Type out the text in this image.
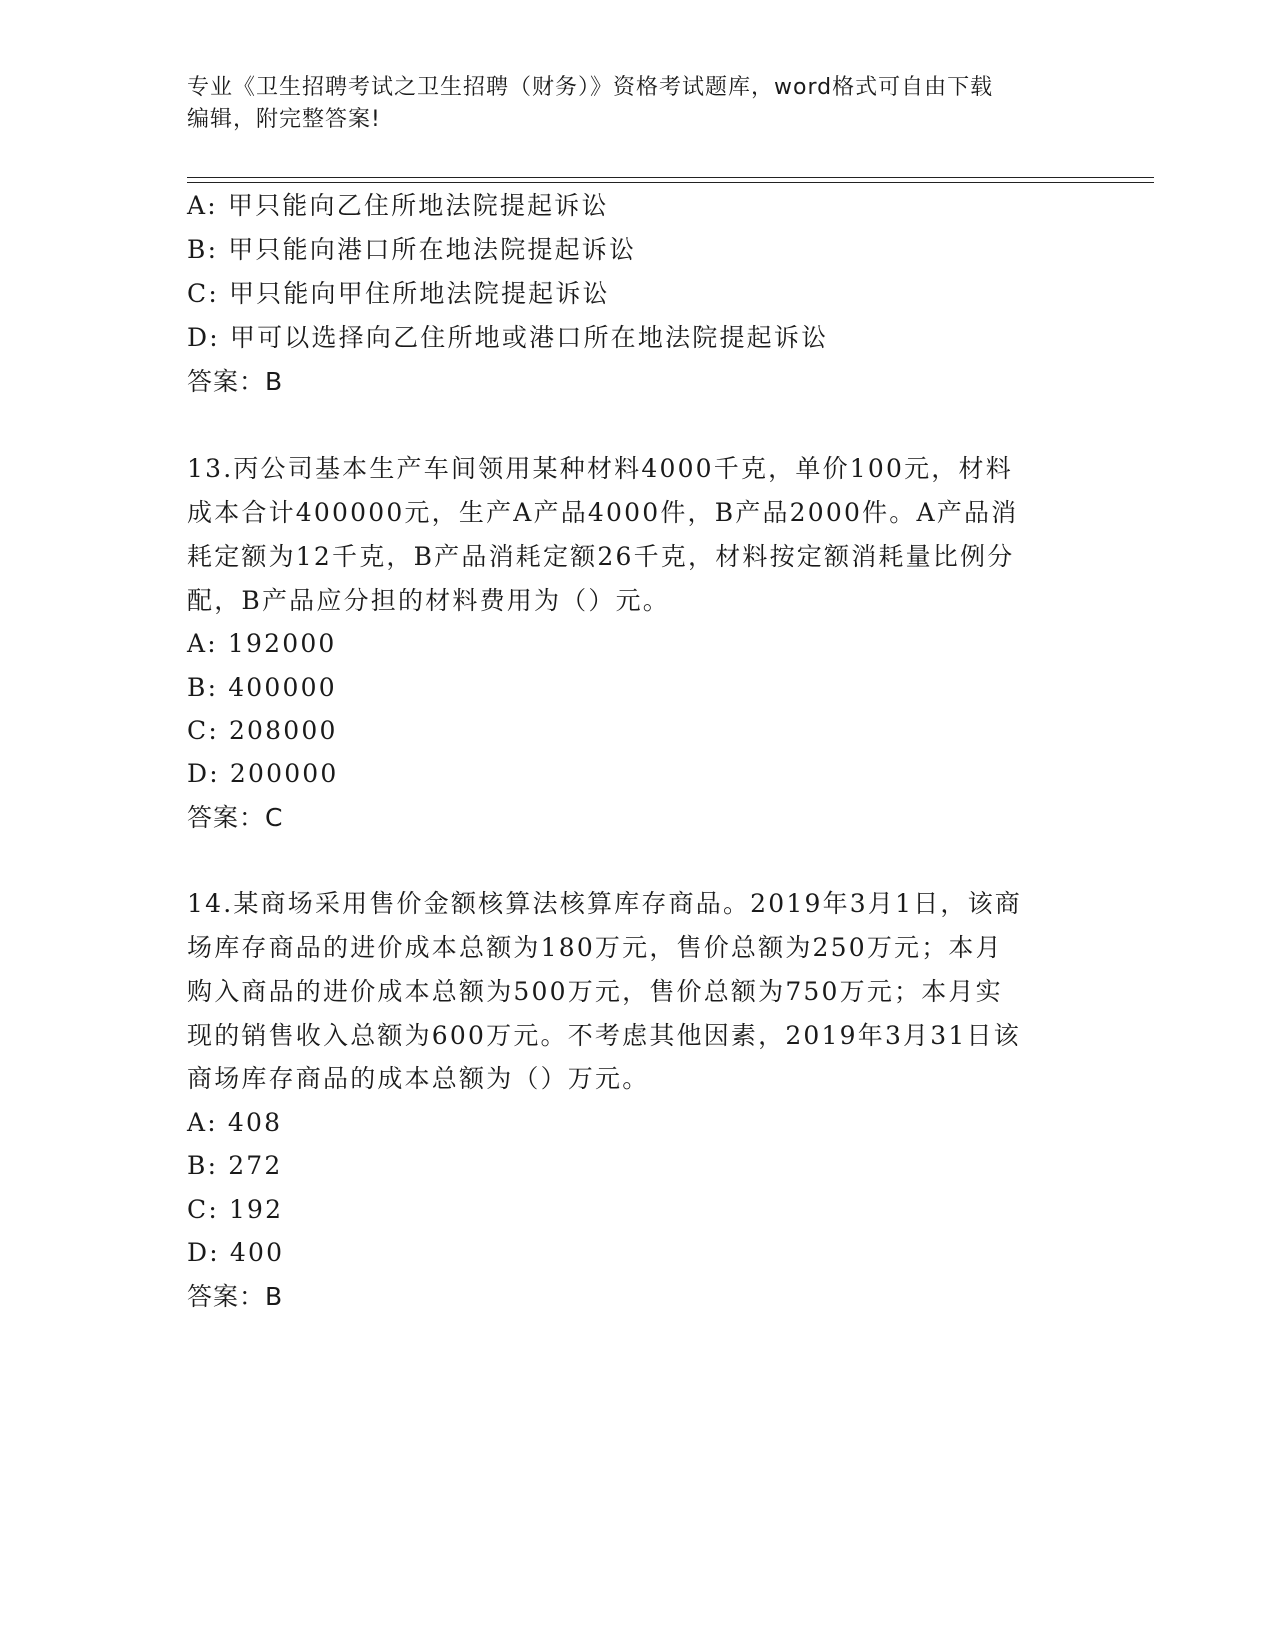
专业《卫生招聘考试之卫生招聘（财务）》资格考试题库，word格式可自由下载
编辑，附完整答案!
A: 甲只能向乙住所地法院提起诉讼
B: 甲只能向港口所在地法院提起诉讼
C: 甲只能向甲住所地法院提起诉讼
D: 甲可以选择向乙住所地或港口所在地法院提起诉讼
答案：B
13.丙公司基本生产车间领用某种材料4000千克，单价100元，材料
成本合计400000元，生产A产品4000件，B产品2000件。A产品消
耗定额为12千克，B产品消耗定额26千克，材料按定额消耗量比例分
配，B产品应分担的材料费用为（）元。
A: 192000
B: 400000
C: 208000
D: 200000
答案：C
14.某商场采用售价金额核算法核算库存商品。2019年3月1日，该商
场库存商品的进价成本总额为180万元，售价总额为250万元；本月
购入商品的进价成本总额为500万元，售价总额为750万元；本月实
现的销售收入总额为600万元。不考虑其他因素，2019年3月31日该
商场库存商品的成本总额为（）万元。
A: 408
B: 272
C: 192
D: 400
答案：B
